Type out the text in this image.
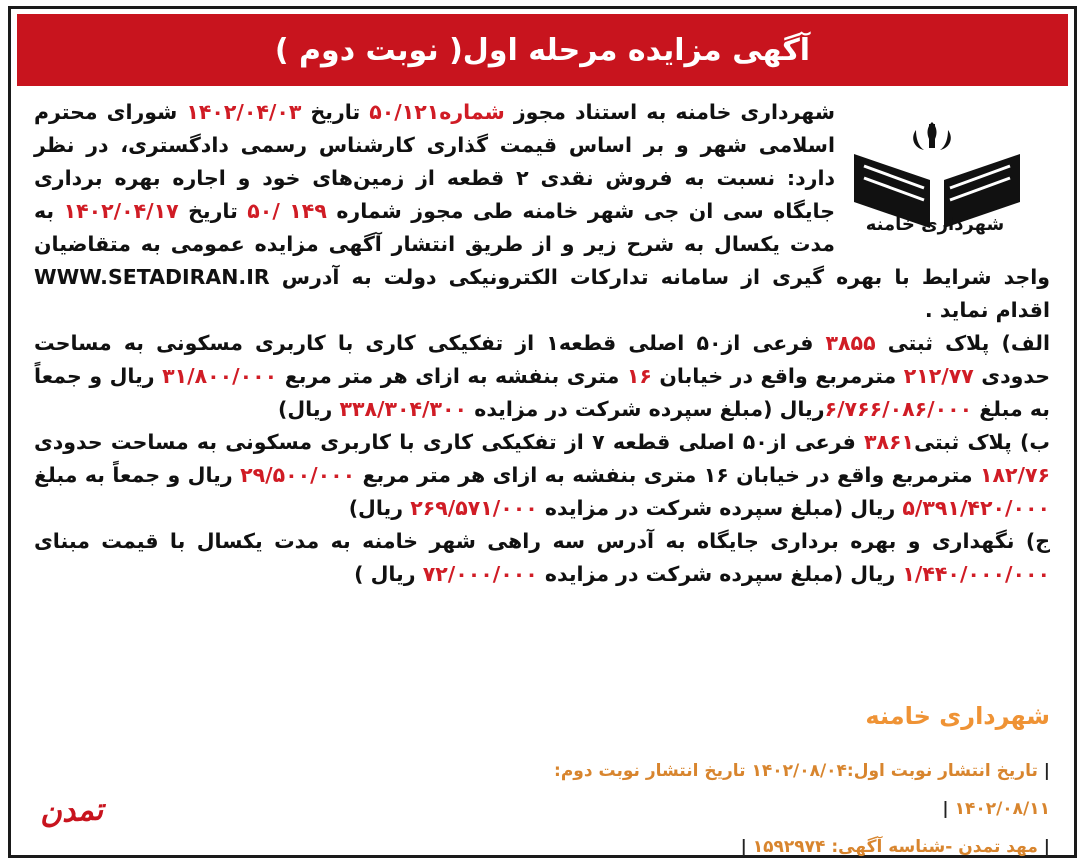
آگهی مزایده مرحله اول( نوبت دوم )
شهرداری خامنه

شهرداری خامنه به استناد مجوز شماره۵۰/۱۲۱ تاریخ ۱۴۰۲/۰۴/۰۳ شورای محترم اسلامی شهر و بر اساس قیمت گذاری کارشناس رسمی دادگستری، در نظر دارد: نسبت به فروش نقدی ۲ قطعه از زمین‌های خود و اجاره بهره برداری جایگاه سی ان جی شهر خامنه طی مجوز شماره ۱۴۹ /۵۰ تاریخ ۱۴۰۲/۰۴/۱۷ به مدت یکسال به شرح زیر و از طریق انتشار آگهی مزایده عمومی به متقاضیان واجد شرایط با بهره گیری از سامانه تدارکات الکترونیکی دولت به آدرس WWW.SETADIRAN.IR اقدام نماید .

الف) پلاک ثبتی ۳۸۵۵ فرعی از۵۰ اصلی قطعه۱ از تفکیکی کاری با کاربری مسکونی به مساحت حدودی ۲۱۲/۷۷ مترمربع واقع در خیابان ۱۶ متری بنفشه به ازای هر متر مربع ۳۱/۸۰۰/۰۰۰ ریال و جمعاً به مبلغ ۶/۷۶۶/۰۸۶/۰۰۰ریال (مبلغ سپرده شرکت در مزایده ۳۳۸/۳۰۴/۳۰۰ ریال)

ب) پلاک ثبتی۳۸۶۱ فرعی از۵۰ اصلی قطعه ۷ از تفکیکی کاری با کاربری مسکونی به مساحت حدودی ۱۸۲/۷۶ مترمربع واقع در خیابان ۱۶ متری بنفشه به ازای هر متر مربع ۲۹/۵۰۰/۰۰۰ ریال و جمعاً به مبلغ ۵/۳۹۱/۴۲۰/۰۰۰ ریال (مبلغ سپرده شرکت در مزایده ۲۶۹/۵۷۱/۰۰۰ ریال)

ج) نگهداری و بهره برداری جایگاه به آدرس سه راهی شهر خامنه به مدت یکسال با قیمت مبنای ۱/۴۴۰/۰۰۰/۰۰۰ ریال (مبلغ سپرده شرکت در مزایده ۷۲/۰۰۰/۰۰۰ ریال )

شهرداری خامنه
| تاریخ انتشار نوبت اول:۱۴۰۲/۰۸/۰۴ تاریخ انتشار نوبت دوم: ۱۴۰۲/۰۸/۱۱ |
| مهد تمدن -شناسه آگهی: ۱۵۹۲۹۷۴ |
تمدن
